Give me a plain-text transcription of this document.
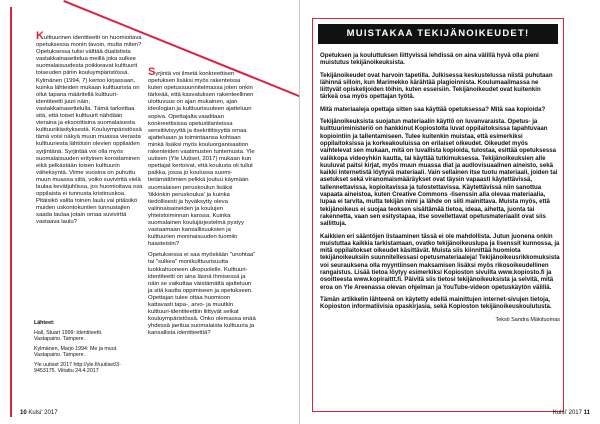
Kulttuurinen identiteetti on huomioitava opetuksessa monin tavoin, mutta miten? Opetuksessa tulisi välttää dualistista vastakkainasettelua meillä joka sulkee suomalaisuudesta poikkeavat kulttuurit toiseuden piiriin kouluympäristössä. Kylmänen (1994, 7) kertoo kirjassaan, kuinka lähteiden mukaan kulttuurista on ollut tapana määritellä kulttuuri-identiteetti juuri näin, vastakkainasettelulla. Tämä tarkoittaa sitä, että toiset kulttuurit nähdään vieraina ja eksoottisina suomalaisesta kulttuurikäsityksestä. Kouluympäristössä tämä voisi näkyä muun muassa vierasta kulttuuriesta lähtöisin olevien oppilaiden syrjintänä. Syrjintää voi olla myös suomalaisuuden erityinen korostaminen eikä pelkästään toisen kulttuurin väheksyntä. Viime vuosina on puhuttu muun muassa siitä, voiko suvivirttä vielä laulaa kevätjuhlissa, jos huomioitava osa oppilaista ei tunnusta kristinuskoa. Pitäisikö valita toinen laulu vai pitäisikö muiden uskontokuntien tunnustajien saada laulaa jotain omaa suvivirttä vastaava laulu?

Syrjintä voi ilmetä konkreettisen opetuksen lisäksi myös rakenteissa kuten opetussuunnitelmassa joten onkin tärkeää, että kasvatuksen rakenteellinen ulottuvuus on ajan mukainen, ajan ideologian ja kulttuurisuuteen ajatteluun sopiva. Opettajalta vaaditaan konkreettisissa opetustilanteissa sensitiivisyyttä ja itsekriittisyyttä omaa ajatteluaan ja toimintaansa kohtaan minkä lisäksi myös kouluorganisaation rakenteiden vaatimusten tuntemusta. Yle uutisen (Yle Uutiset, 2017) mukaan kun opettajat kertoivat, että koulusta oli tullut paikka, jossa jo koulussa suomi-tietämättömien pelkkä joutuu käymään suomalaisen peruskoulun lisäksi 'tikkinkin peruskoulua' ja kuinka tiedollisesti ja hyväksytty oleva valinnaisaineiden ja koulujen yhteistoiminnan kanssa. Kuinka suomalainen koulujärjestelmä pystyy vastaamaan kansallisuuksien ja kulttuurien moninaisuuden tuomiin haasteisiin?

Opetuksessa ei saa myöskään "unohtaa" tai "sulkea" monikulttuurisuutta luokkahuoneen ulkopuolelle. Kulttuuri-identiteetti on aina läsnä ihmisessä ja näin se vaikuttaa väistämättä ajatteluun ja sitä kautta oppimiseen ja opetukseen. Opettajan tulee ottaa huomioon kattavasti tapa-, arvo- ja muutkin kulttuuri-identiteettiin liittyvät seikat kouluympäristössä. Onko olemassa enää yhdessä jaettua suomalaista kulttuuria ja kansallista identiteettiä?

Lähteet:

Hall, Stuart 1999: Identiteetti. Vastapaino. Tampere.

Kylmänen, Marjo 1994: Me ja muut. Vastapaino. Tampere.

Yle uutiset 2017 http://yle.fi/uutiset/3-9453175. Viitattu 24.4.2017

10 Kulsi' 2017
MUISTAKAA TEKIJÄNOIKEUDET!

Opetuksen ja kouluttuksen liittyvissä lehdissä on aina välillä hyvä olla pieni muistutus tekijänoikeuksista.

Tekijänoikeudet ovat harvoin tapetilla. Julkisessa keskustelussa niistä puhutaan lähinnä silloin, kun Marimekko kärähtää plagioinnista. Koulumaailmassa ne liittyvät opiskelijoiden töihin, kuten esseisiin. Tekijänoikeudet ovat kuitenkin tärkeä osa myös opettajan työtä.

Mitä materiaaleja opettaja sitten saa käyttää opetuksessa? Mitä saa kopioida?

Tekijänoikeuksista suojatun materiaalin käyttö on luvanvaraista. Opetus- ja kulttuuriministeriö on hankkinut Kopiostolta luvat oppilaitoksissa tapahtuvaan kopiointiin ja tallentamiseen. Tulee kuitenkin muistaa, että esimerkiksi oppilaitoksissa ja korkeakouluissa on erilaiset oikeudet. Oikeudet myös vaihtelevat sen mukaan, mitä on luvallista kopioida, tulostaa, esittää opetuksessa valikkopa videoyhkin kautta, tai käyttää tutkimuksessa. Tekijänoikeuksien alle kuuluvat paitsi kirjat, myös muun muassa diat ja audiovisuaalinen aineisto, sekä kaikki internetistä löytyvä materiaali. Vain sellainen itse tuotu materiaali, joiden tai asetukset sekä viranomaismääräykset ovat täysin vapaasti käytettävissä, tallennettavissa, kopioitavissa ja tulostettavissa. Käytettävissä niin sanottua vapaata aineistoa, kuten Creative Commons -lisenssin alla olevaa materiaalia, lupaa ei tarvita, mutta tekijän nimi ja lähde on siiti mainittava. Muista myös, että tekijänoikeus ei suojaa teoksen sisältämää tietoa, ideaa, aihetta, juonta tai rakennetta, vaan sen esitystapaa, itse sovellettavat opetusmateriaalit ovat siis sallittuja.

Kaikkien eri sääntöjen listaaminen tässä ei ole mahdollista. Jutun juonena onkin muistuttaa kaikkia tarkistamaan, ovatko tekijänoikeuslupa ja lisenssit kunnossa, ja mitä oppilaitokset oikeudet käsittävät. Muista siis kiinnittää huomiota tekijänoikeuksiin suunnitellessasi opetusmateriaaleja! Tekijänoikeusrikkomuksista voi seurauksena olla myyntiinsen maksamisen lisäksi myös rikosoikeudellinen rangaistus. Lisää tietoa löytyy esimerkiksi Kopioston sivuilta www.kopiosto.fi ja osoitteesta www.kopiraittt.fi. Päivitä siis tietosi tekijänoikeuksista ja selvitä, mitä eroa on Yle Areenassa olevan ohjelman ja YouTube-videon opetuskäytön välillä.

Tämän artikkelin lähteenä on käytetty edellä mainittujen internet-sivujen tietoja, Kopioston informatiivisia opaskirjasia, sekä Kopioston tekijänoikeuskoulutusta.

Teksti Sandra Mäkituomas
Kulsi' 2017 11
